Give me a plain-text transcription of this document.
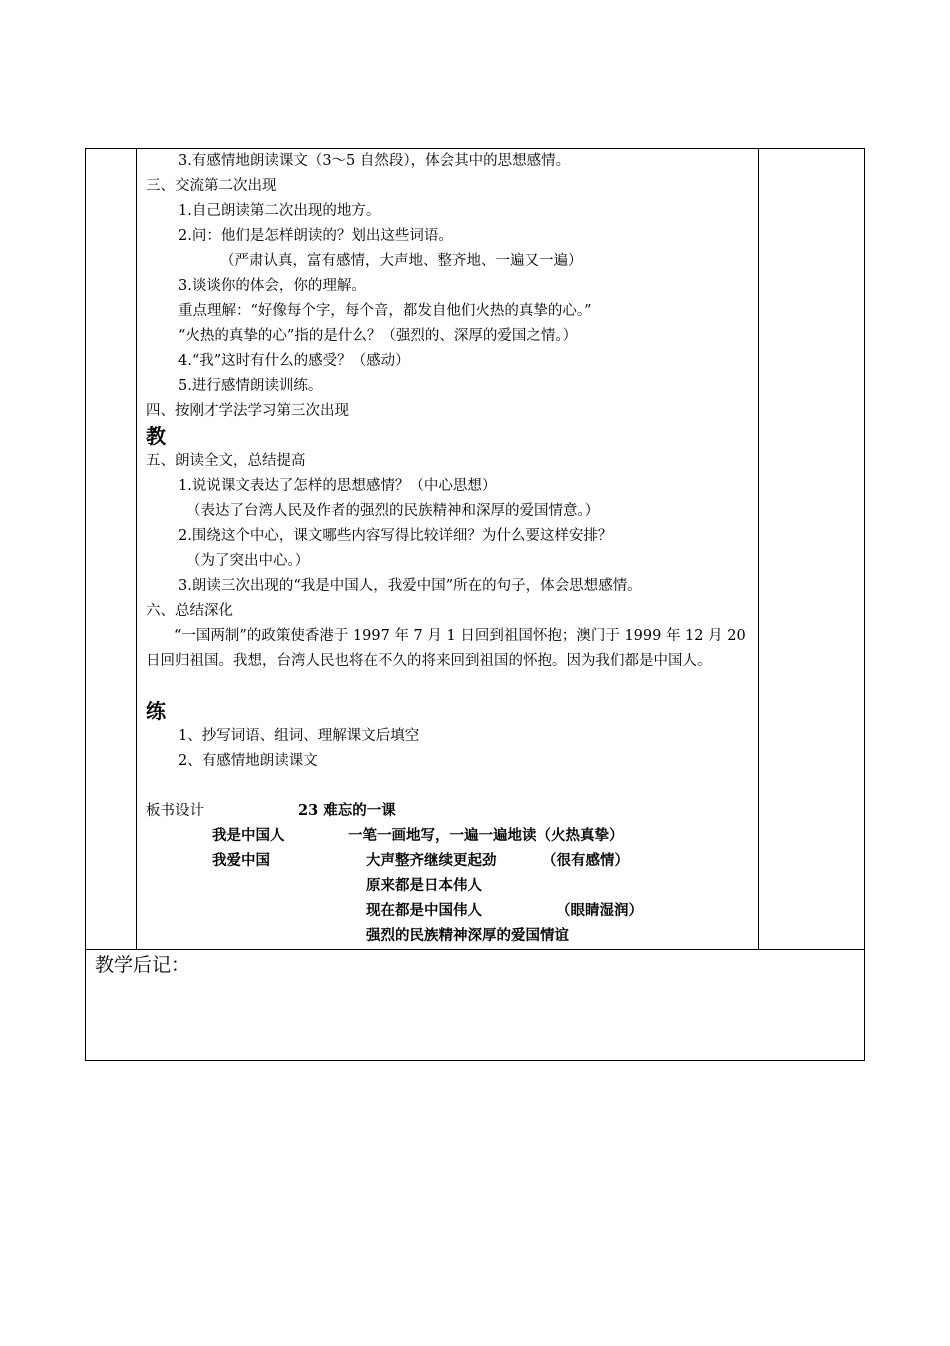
3.有感情地朗读课文（3～5 自然段），体会其中的思想感情。
三、交流第二次出现
1.自己朗读第二次出现的地方。
2.问：他们是怎样朗读的？划出这些词语。
（严肃认真，富有感情，大声地、整齐地、一遍又一遍）
3.谈谈你的体会，你的理解。
重点理解：“好像每个字，每个音，都发自他们火热的真挚的心。”
“火热的真挚的心”指的是什么？（强烈的、深厚的爱国之情。）
4.“我”这时有什么的感受？（感动）
5.进行感情朗读训练。
四、按刚才学法学习第三次出现
教
五、朗读全文，总结提高
1.说说课文表达了怎样的思想感情？（中心思想）
（表达了台湾人民及作者的强烈的民族精神和深厚的爱国情意。）
2.围绕这个中心，课文哪些内容写得比较详细？为什么要这样安排？
（为了突出中心。）
3.朗读三次出现的“我是中国人，我爱中国”所在的句子，体会思想感情。
六、总结深化
“一国两制”的政策使香港于 1997 年 7 月 1 日回到祖国怀抱；澳门于 1999 年 12 月 20 日回归祖国。我想，台湾人民也将在不久的将来回到祖国的怀抱。因为我们都是中国人。
练
1、抄写词语、组词、理解课文后填空
2、有感情地朗读课文
板书设计	23 难忘的一课
我是中国人	一笔一画地写，一遍一遍地读（火热真挚）
我爱中国	大声整齐继续更起劲	（很有感情）
原来都是日本伟人
现在都是中国伟人	（眼睛湿润）
强烈的民族精神深厚的爱国情谊
教学后记：
